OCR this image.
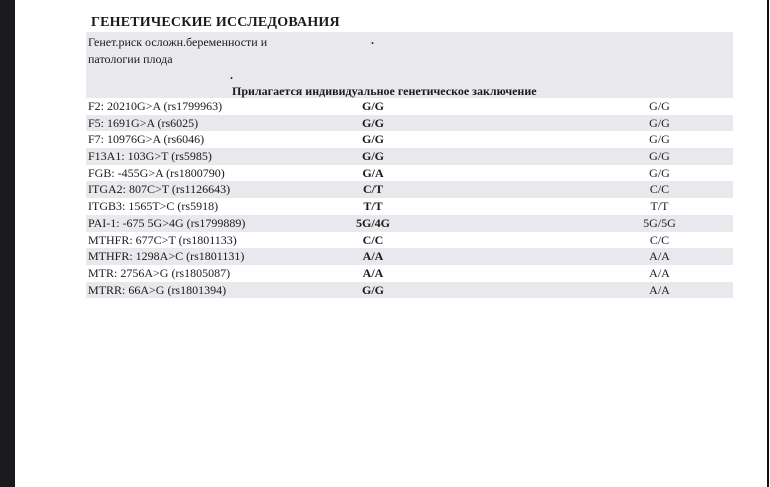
ГЕНЕТИЧЕСКИЕ ИССЛЕДОВАНИЯ
Генет.риск осложн.беременности и
патологии плода
.
.
Прилагается индивидуальное генетическое заключение
F2: 20210G>A (rs1799963)	G/G	G/G
F5: 1691G>A (rs6025)	G/G	G/G
F7: 10976G>A (rs6046)	G/G	G/G
F13A1: 103G>T (rs5985)	G/G	G/G
FGB: -455G>A (rs1800790)	G/A	G/G
ITGA2: 807C>T (rs1126643)	C/T	C/C
ITGB3: 1565T>C (rs5918)	T/T	T/T
PAI-1: -675 5G>4G (rs1799889)	5G/4G	5G/5G
MTHFR: 677C>T (rs1801133)	C/C	C/C
MTHFR: 1298A>C (rs1801131)	A/A	A/A
MTR: 2756A>G (rs1805087)	A/A	A/A
MTRR: 66A>G (rs1801394)	G/G	A/A
